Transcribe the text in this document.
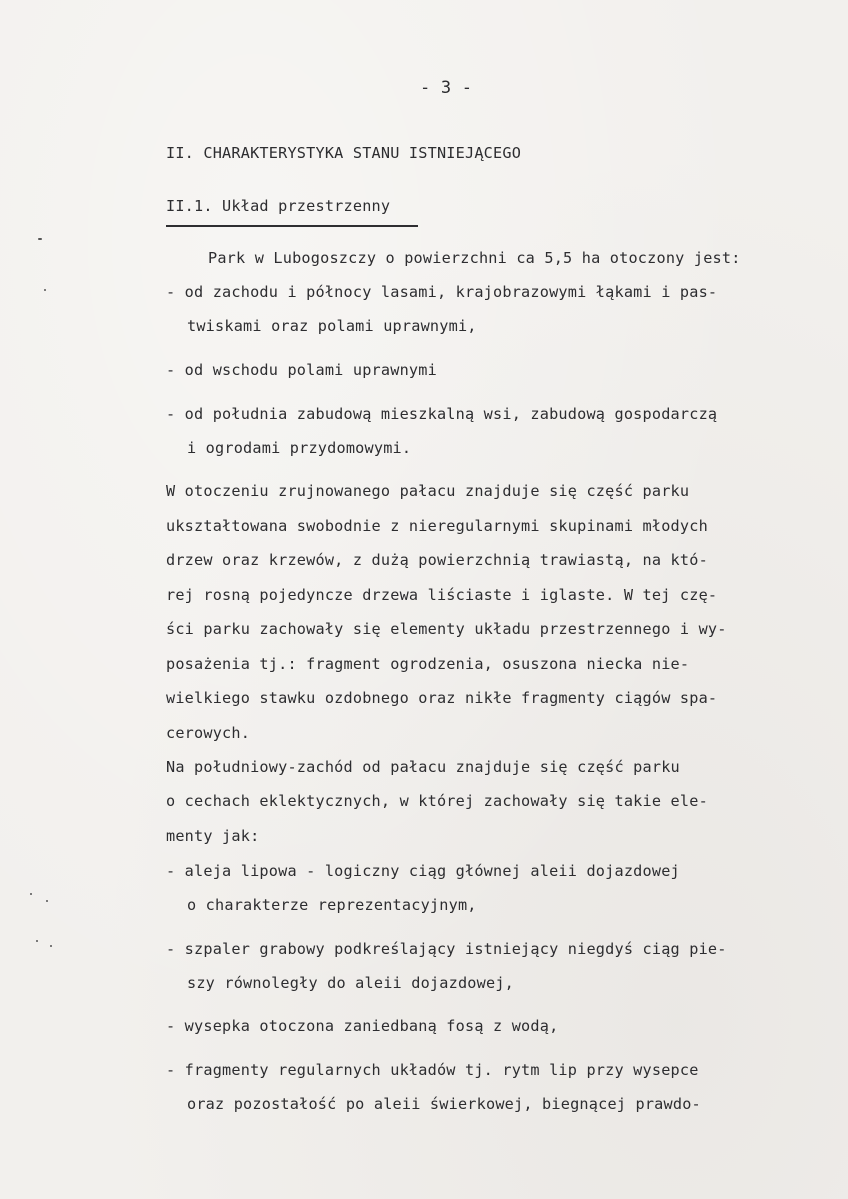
- 3 -
II. CHARAKTERYSTYKA STANU ISTNIEJĄCEGO
II.1. Układ przestrzenny
Park w Lubogoszczy o powierzchni ca 5,5 ha otoczony jest:
- od zachodu i północy lasami, krajobrazowymi łąkami i pas-
twiskami oraz polami uprawnymi,
- od wschodu polami uprawnymi
- od południa zabudową mieszkalną wsi, zabudową gospodarczą
i ogrodami przydomowymi.
W otoczeniu zrujnowanego pałacu znajduje się część parku
ukształtowana swobodnie z nieregularnymi skupinami młodych
drzew oraz krzewów, z dużą powierzchnią trawiastą, na któ-
rej rosną pojedyncze drzewa liściaste i iglaste. W tej czę-
ści parku zachowały się elementy układu przestrzennego i wy-
posażenia tj.: fragment ogrodzenia, osuszona niecka nie-
wielkiego stawku ozdobnego oraz nikłe fragmenty ciągów spa-
cerowych.
Na południowy-zachód od pałacu znajduje się część parku
o cechach eklektycznych, w której zachowały się takie ele-
menty jak:
- aleja lipowa - logiczny ciąg głównej aleii dojazdowej
o charakterze reprezentacyjnym,
- szpaler grabowy podkreślający istniejący niegdyś ciąg pie-
szy równoległy do aleii dojazdowej,
- wysepka otoczona zaniedbaną fosą z wodą,
- fragmenty regularnych układów tj. rytm lip przy wysepce
oraz pozostałość po aleii świerkowej, biegnącej prawdo-
